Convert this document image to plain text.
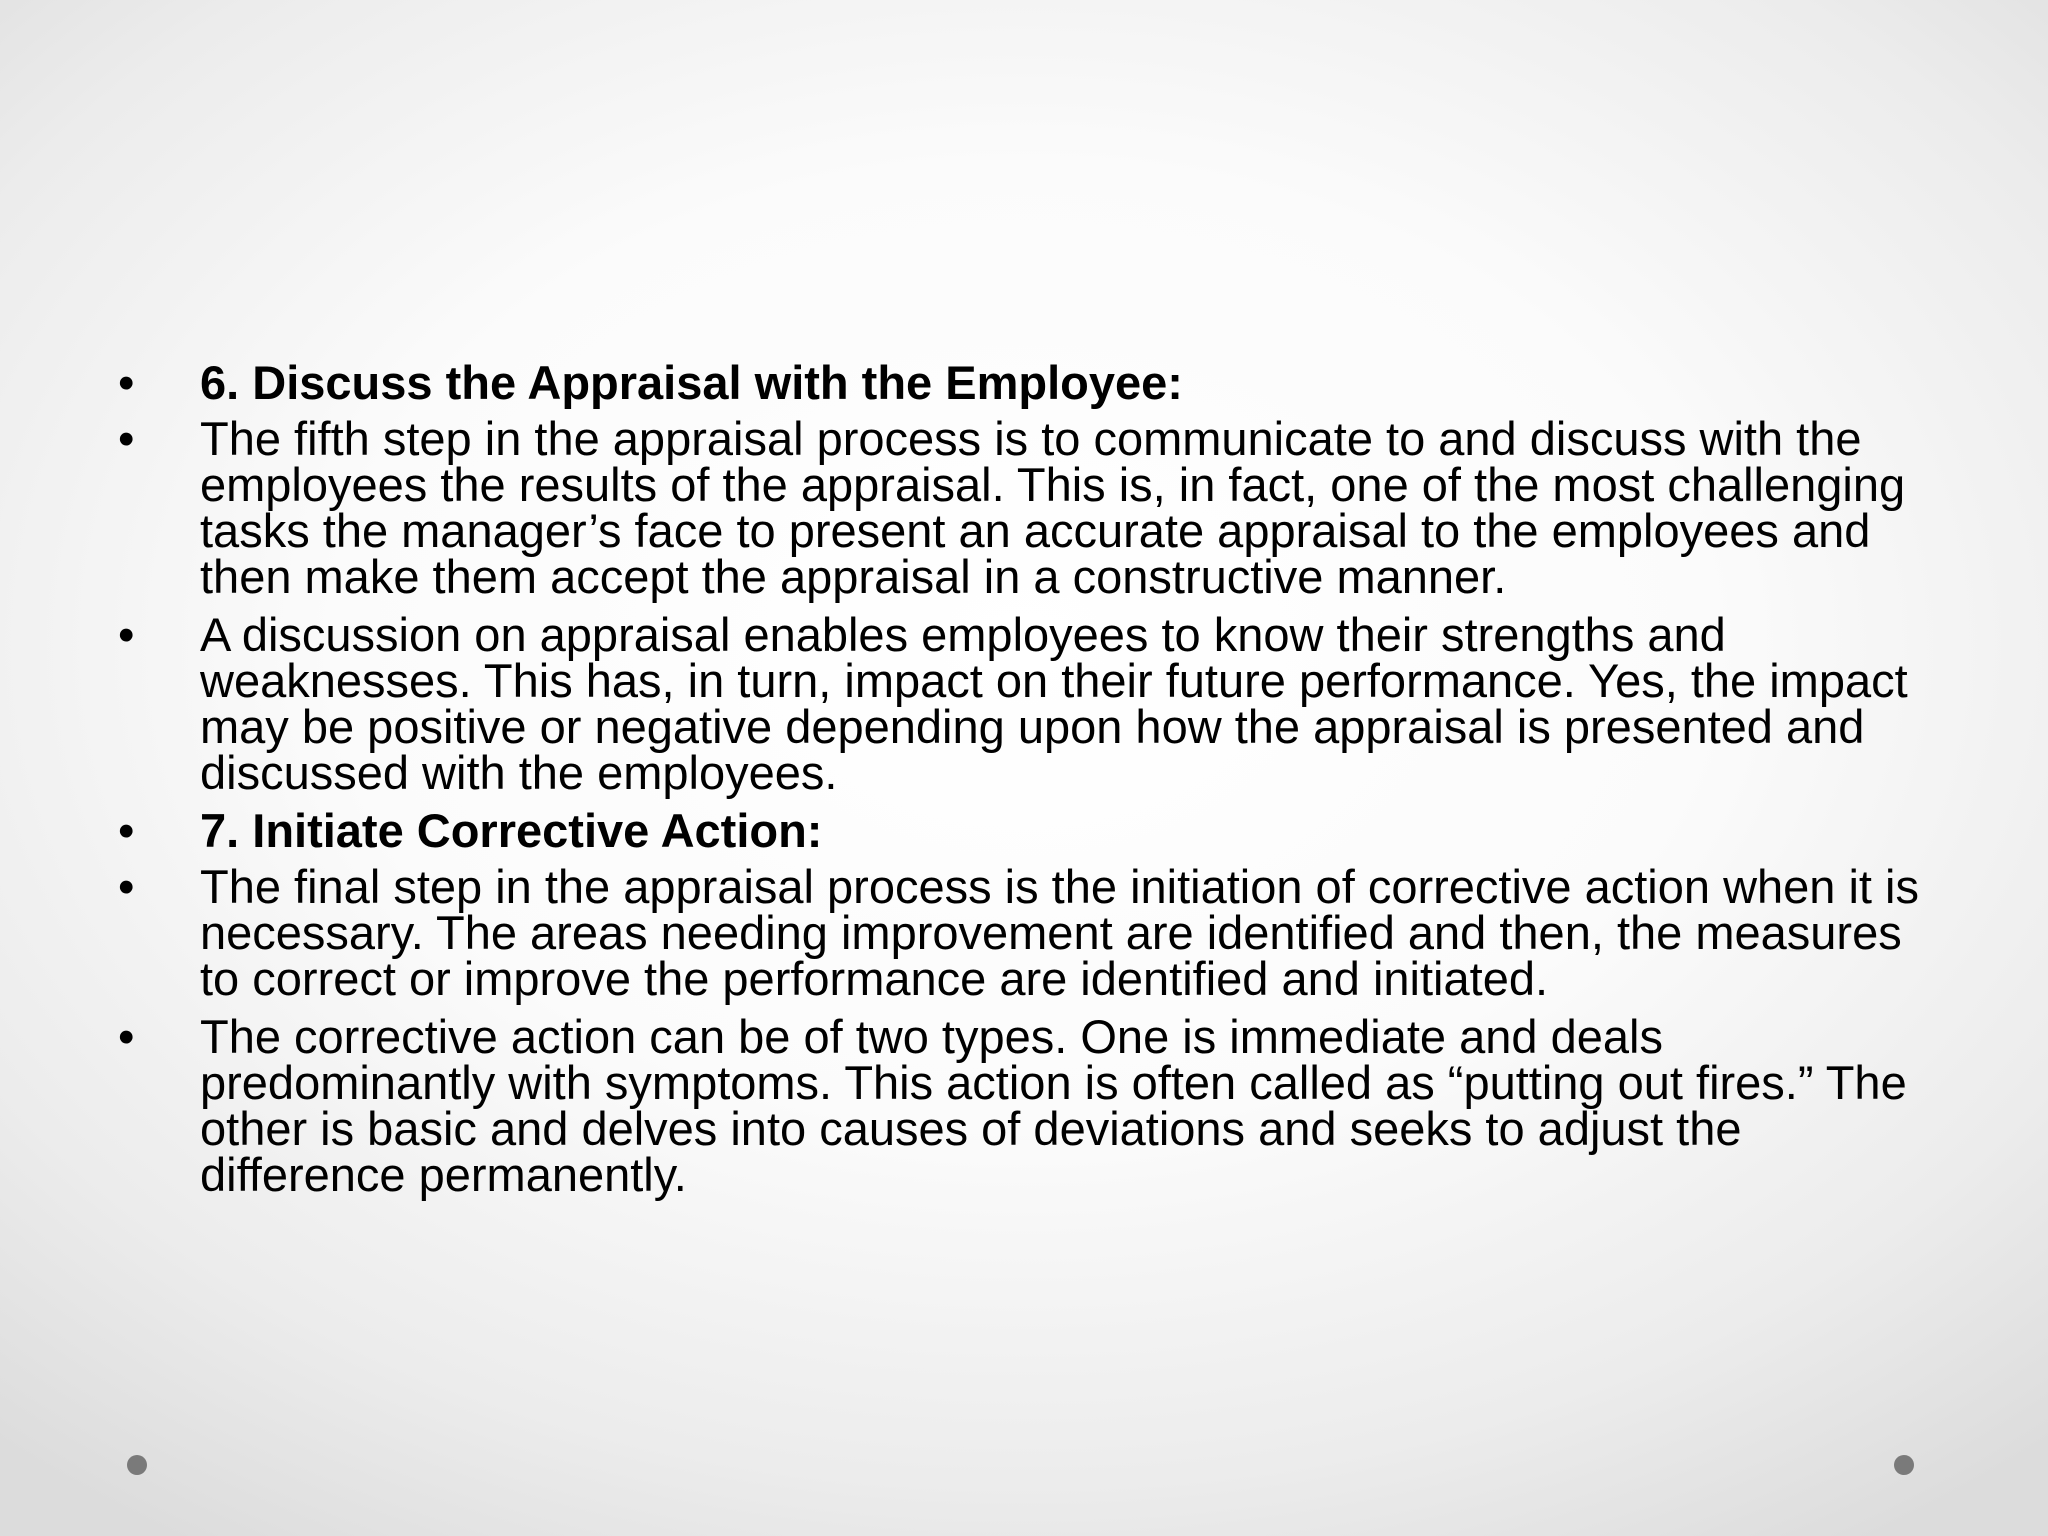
• 6. Discuss the Appraisal with the Employee:
• The fifth step in the appraisal process is to communicate to and discuss with the employees the results of the appraisal. This is, in fact, one of the most challenging tasks the manager’s face to present an accurate appraisal to the employees and then make them accept the appraisal in a constructive manner.
• A discussion on appraisal enables employees to know their strengths and weaknesses. This has, in turn, impact on their future performance. Yes, the impact may be positive or negative depending upon how the appraisal is presented and discussed with the employees.
• 7. Initiate Corrective Action:
• The final step in the appraisal process is the initiation of corrective action when it is necessary. The areas needing improvement are identified and then, the measures to correct or improve the performance are identified and initiated.
• The corrective action can be of two types. One is immediate and deals predominantly with symptoms. This action is often called as “putting out fires.” The other is basic and delves into causes of deviations and seeks to adjust the difference permanently.
